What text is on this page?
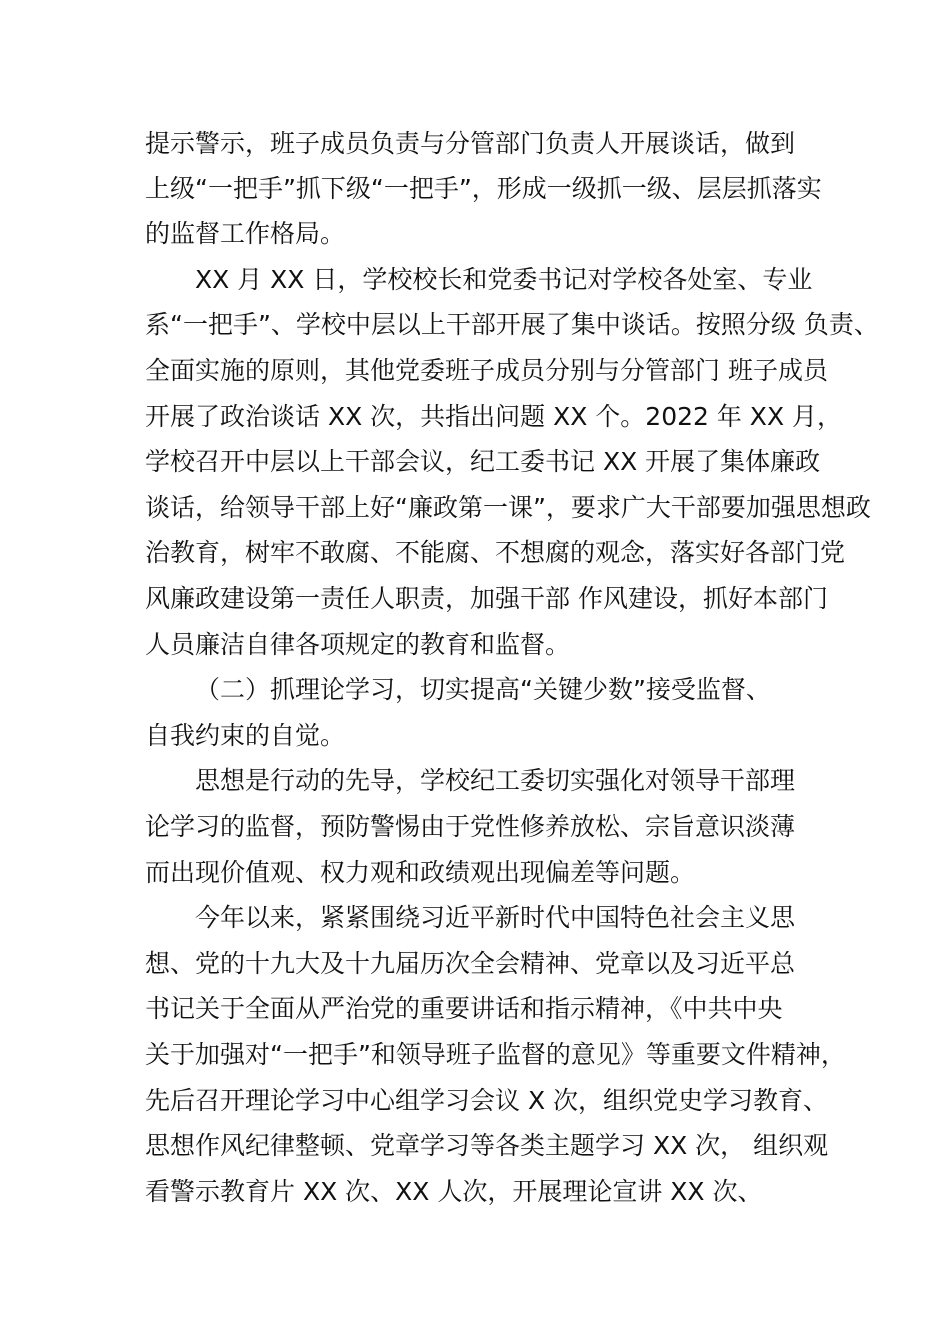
提示警示，班子成员负责与分管部门负责人开展谈话，做到
上级“一把手”抓下级“一把手”，形成一级抓一级、层层抓落实
的监督工作格局。
XX 月 XX 日，学校校长和党委书记对学校各处室、专业
系“一把手”、学校中层以上干部开展了集中谈话。按照分级 负责、
全面实施的原则，其他党委班子成员分别与分管部门 班子成员
开展了政治谈话 XX 次，共指出问题 XX 个。2022 年 XX 月，
学校召开中层以上干部会议，纪工委书记 XX 开展了集体廉政
谈话，给领导干部上好“廉政第一课”，要求广大干部要加强思想政
治教育，树牢不敢腐、不能腐、不想腐的观念，落实好各部门党
风廉政建设第一责任人职责，加强干部 作风建设，抓好本部门
人员廉洁自律各项规定的教育和监督。
（二）抓理论学习，切实提高“关键少数”接受监督、
自我约束的自觉。
思想是行动的先导，学校纪工委切实强化对领导干部理
论学习的监督，预防警惕由于党性修养放松、宗旨意识淡薄
而出现价值观、权力观和政绩观出现偏差等问题。
今年以来，紧紧围绕习近平新时代中国特色社会主义思
想、党的十九大及十九届历次全会精神、党章以及习近平总
书记关于全面从严治党的重要讲话和指示精神，《中共中央
关于加强对“一把手”和领导班子监督的意见》等重要文件精神，
先后召开理论学习中心组学习会议 X 次，组织党史学习教育、
思想作风纪律整顿、党章学习等各类主题学习 XX 次， 组织观
看警示教育片 XX 次、XX 人次，开展理论宣讲 XX 次、
